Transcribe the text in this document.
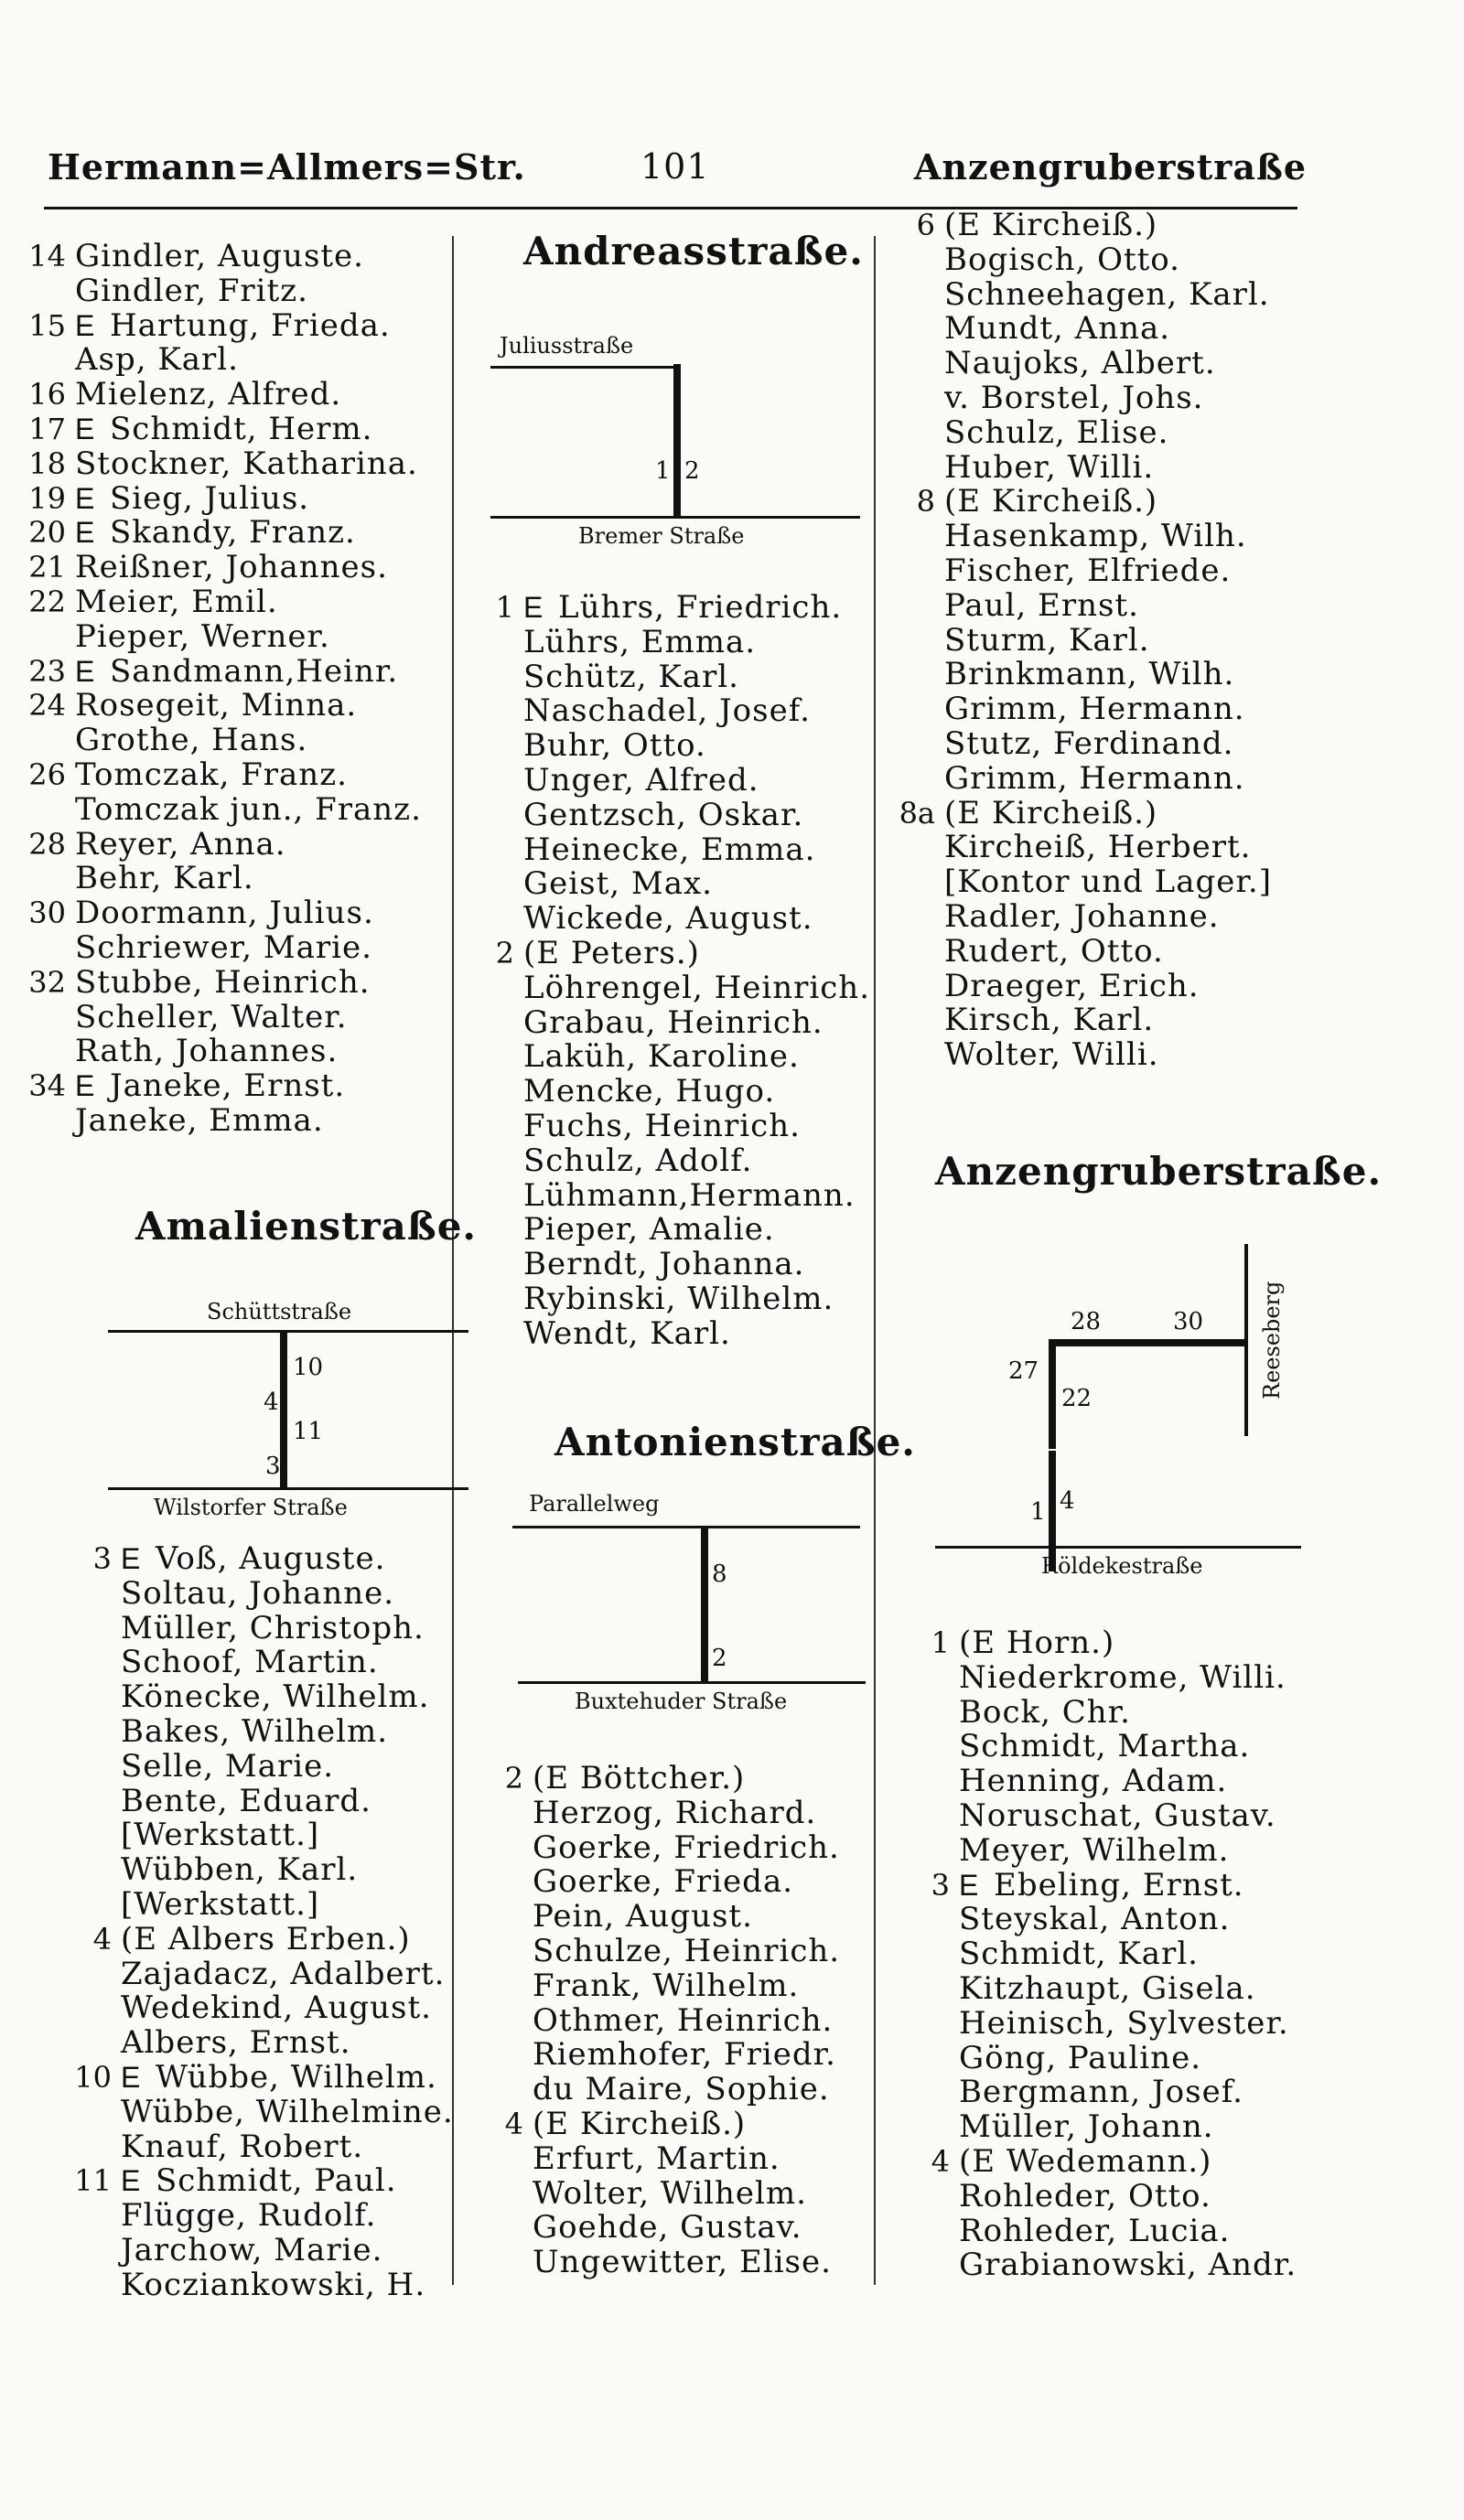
Hermann=Allmers=Str.	101	Anzengruberstraße
14 Gindler, Auguste.
Gindler, Fritz.
15 E Hartung, Frieda.
Asp, Karl.
16 Mielenz, Alfred.
17 E Schmidt, Herm.
18 Stockner, Katharina.
19 E Sieg, Julius.
20 E Skandy, Franz.
21 Reißner, Johannes.
22 Meier, Emil.
Pieper, Werner.
23 E Sandmann,Heinr.
24 Rosegeit, Minna.
Grothe, Hans.
26 Tomczak, Franz.
Tomczak jun., Franz.
28 Reyer, Anna.
Behr, Karl.
30 Doormann, Julius.
Schriewer, Marie.
32 Stubbe, Heinrich.
Scheller, Walter.
Rath, Johannes.
34 E Janeke, Ernst.
Janeke, Emma.
Amalienstraße.
Schüttstraße
10
4
11
3
Wilstorfer Straße
3 E Voß, Auguste.
Soltau, Johanne.
Müller, Christoph.
Schoof, Martin.
Könecke, Wilhelm.
Bakes, Wilhelm.
Selle, Marie.
Bente, Eduard.
[Werkstatt.]
Wübben, Karl.
[Werkstatt.]
4 (E Albers Erben.)
Zajadacz, Adalbert.
Wedekind, August.
Albers, Ernst.
10 E Wübbe, Wilhelm.
Wübbe, Wilhelmine.
Knauf, Robert.
11 E Schmidt, Paul.
Flügge, Rudolf.
Jarchow, Marie.
Kocziankowski, H.
Andreasstraße.
Juliusstraße
1 2
Bremer Straße
1 E Lührs, Friedrich.
Lührs, Emma.
Schütz, Karl.
Naschadel, Josef.
Buhr, Otto.
Unger, Alfred.
Gentzsch, Oskar.
Heinecke, Emma.
Geist, Max.
Wickede, August.
2 (E Peters.)
Löhrengel, Heinrich.
Grabau, Heinrich.
Laküh, Karoline.
Mencke, Hugo.
Fuchs, Heinrich.
Schulz, Adolf.
Lühmann,Hermann.
Pieper, Amalie.
Berndt, Johanna.
Rybinski, Wilhelm.
Wendt, Karl.
Antonienstraße.
Parallelweg
8
2
Buxtehuder Straße
2 (E Böttcher.)
Herzog, Richard.
Goerke, Friedrich.
Goerke, Frieda.
Pein, August.
Schulze, Heinrich.
Frank, Wilhelm.
Othmer, Heinrich.
Riemhofer, Friedr.
du Maire, Sophie.
4 (E Kircheiß.)
Erfurt, Martin.
Wolter, Wilhelm.
Goehde, Gustav.
Ungewitter, Elise.
6 (E Kircheiß.)
Bogisch, Otto.
Schneehagen, Karl.
Mundt, Anna.
Naujoks, Albert.
v. Borstel, Johs.
Schulz, Elise.
Huber, Willi.
8 (E Kircheiß.)
Hasenkamp, Wilh.
Fischer, Elfriede.
Paul, Ernst.
Sturm, Karl.
Brinkmann, Wilh.
Grimm, Hermann.
Stutz, Ferdinand.
Grimm, Hermann.
8a (E Kircheiß.)
Kircheiß, Herbert.
[Kontor und Lager.]
Radler, Johanne.
Rudert, Otto.
Draeger, Erich.
Kirsch, Karl.
Wolter, Willi.
Anzengruberstraße.
Reeseberg
28	30
27
22
1 4
Röldekestraße
1 (E Horn.)
Niederkrome, Willi.
Bock, Chr.
Schmidt, Martha.
Henning, Adam.
Noruschat, Gustav.
Meyer, Wilhelm.
3 E Ebeling, Ernst.
Steyskal, Anton.
Schmidt, Karl.
Kitzhaupt, Gisela.
Heinisch, Sylvester.
Göng, Pauline.
Bergmann, Josef.
Müller, Johann.
4 (E Wedemann.)
Rohleder, Otto.
Rohleder, Lucia.
Grabianowski, Andr.
